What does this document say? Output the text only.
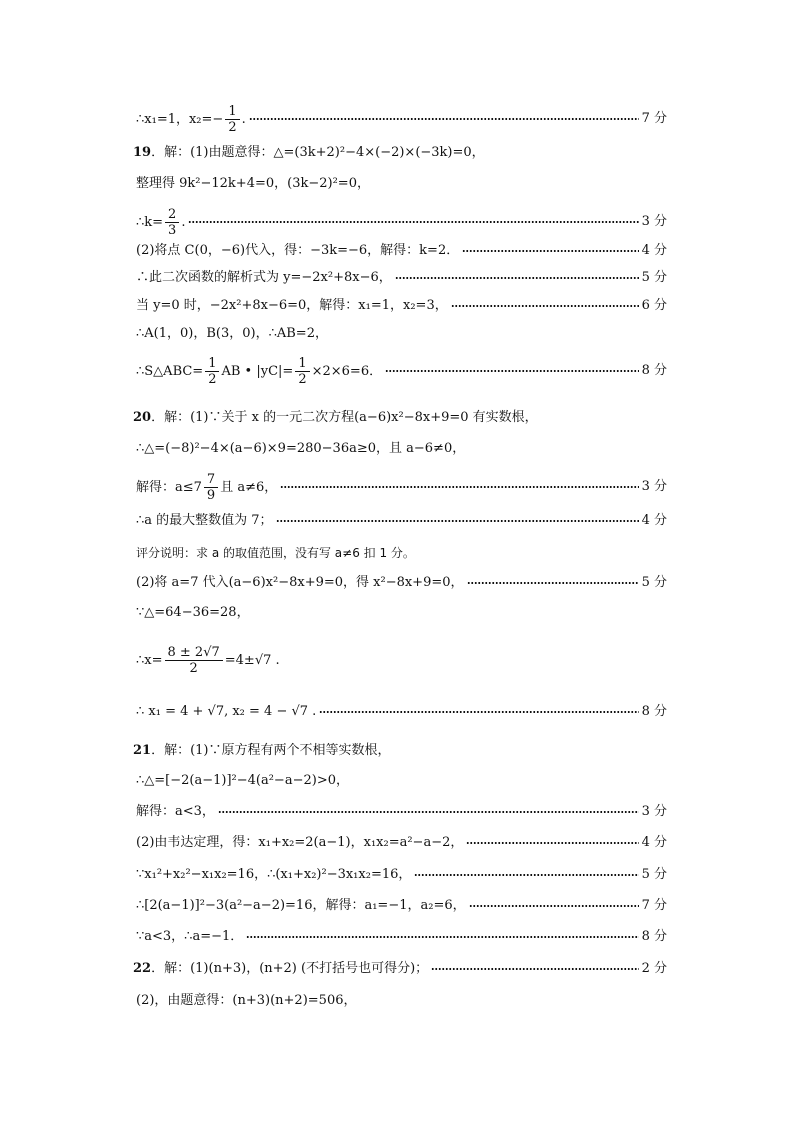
∴x₁=1，$x_2=- \frac{1}{2}$ .	7 分
19．解：(1)由题意得：△=(3k+2)²−4×(−2)×(−3k)=0，
整理得 9k²−12k+4=0，(3k−2)²=0，
∴k= $\frac{2}{3}$ .	3 分
(2)将点 C(0，−6)代入，得：−3k=−6，解得：k=2．	4 分
∴此二次函数的解析式为 y=−2x²+8x−6，	5 分
当 y=0 时，−2x²+8x−6=0，解得：x₁=1，x₂=3，	6 分
∴A(1，0)，B(3，0)，∴AB=2，
∴S△ABC= $\frac{1}{2}$ AB • $|yC|= \frac{1}{2} \times 2\times 6=6$．	8 分
20．解：(1)∵关于 x 的一元二次方程(a−6)x²−8x+9=0 有实数根，
∴△=(−8)²−4×(a−6)×9=280−36a≥0，且 a−6≠0，
解得：$a\le 7 \frac{7}{9}$ 且 a≠6，	3 分
∴a 的最大整数值为 7；	4 分
评分说明：求 a 的取值范围，没有写 a≠6 扣 1 分。
(2)将 a=7 代入(a−6)x²−8x+9=0，得 x²−8x+9=0，	5 分
∵△=64−36=28，
∴x= $\frac{8 \pm 2√7}{2} =4\pm√7$ .
∴ x₁ = 4 + √7, x₂ = 4 − √7 .	8 分
21．解：(1)∵原方程有两个不相等实数根，
∴△=[−2(a−1)]²−4(a²−a−2)>0，
解得：a<3，	3 分
(2)由韦达定理，得：x₁+x₂=2(a−1)，x₁x₂=a²−a−2，	4 分
∵x₁²+x₂²−x₁x₂=16，∴(x₁+x₂)²−3x₁x₂=16，	5 分
∴[2(a−1)]²−3(a²−a−2)=16，解得：a₁=−1，a₂=6，	7 分
∵a<3，∴a=−1．	8 分
22．解：(1)(n+3)，(n+2) (不打括号也可得分)；	2 分
(2)，由题意得：(n+3)(n+2)=506，
